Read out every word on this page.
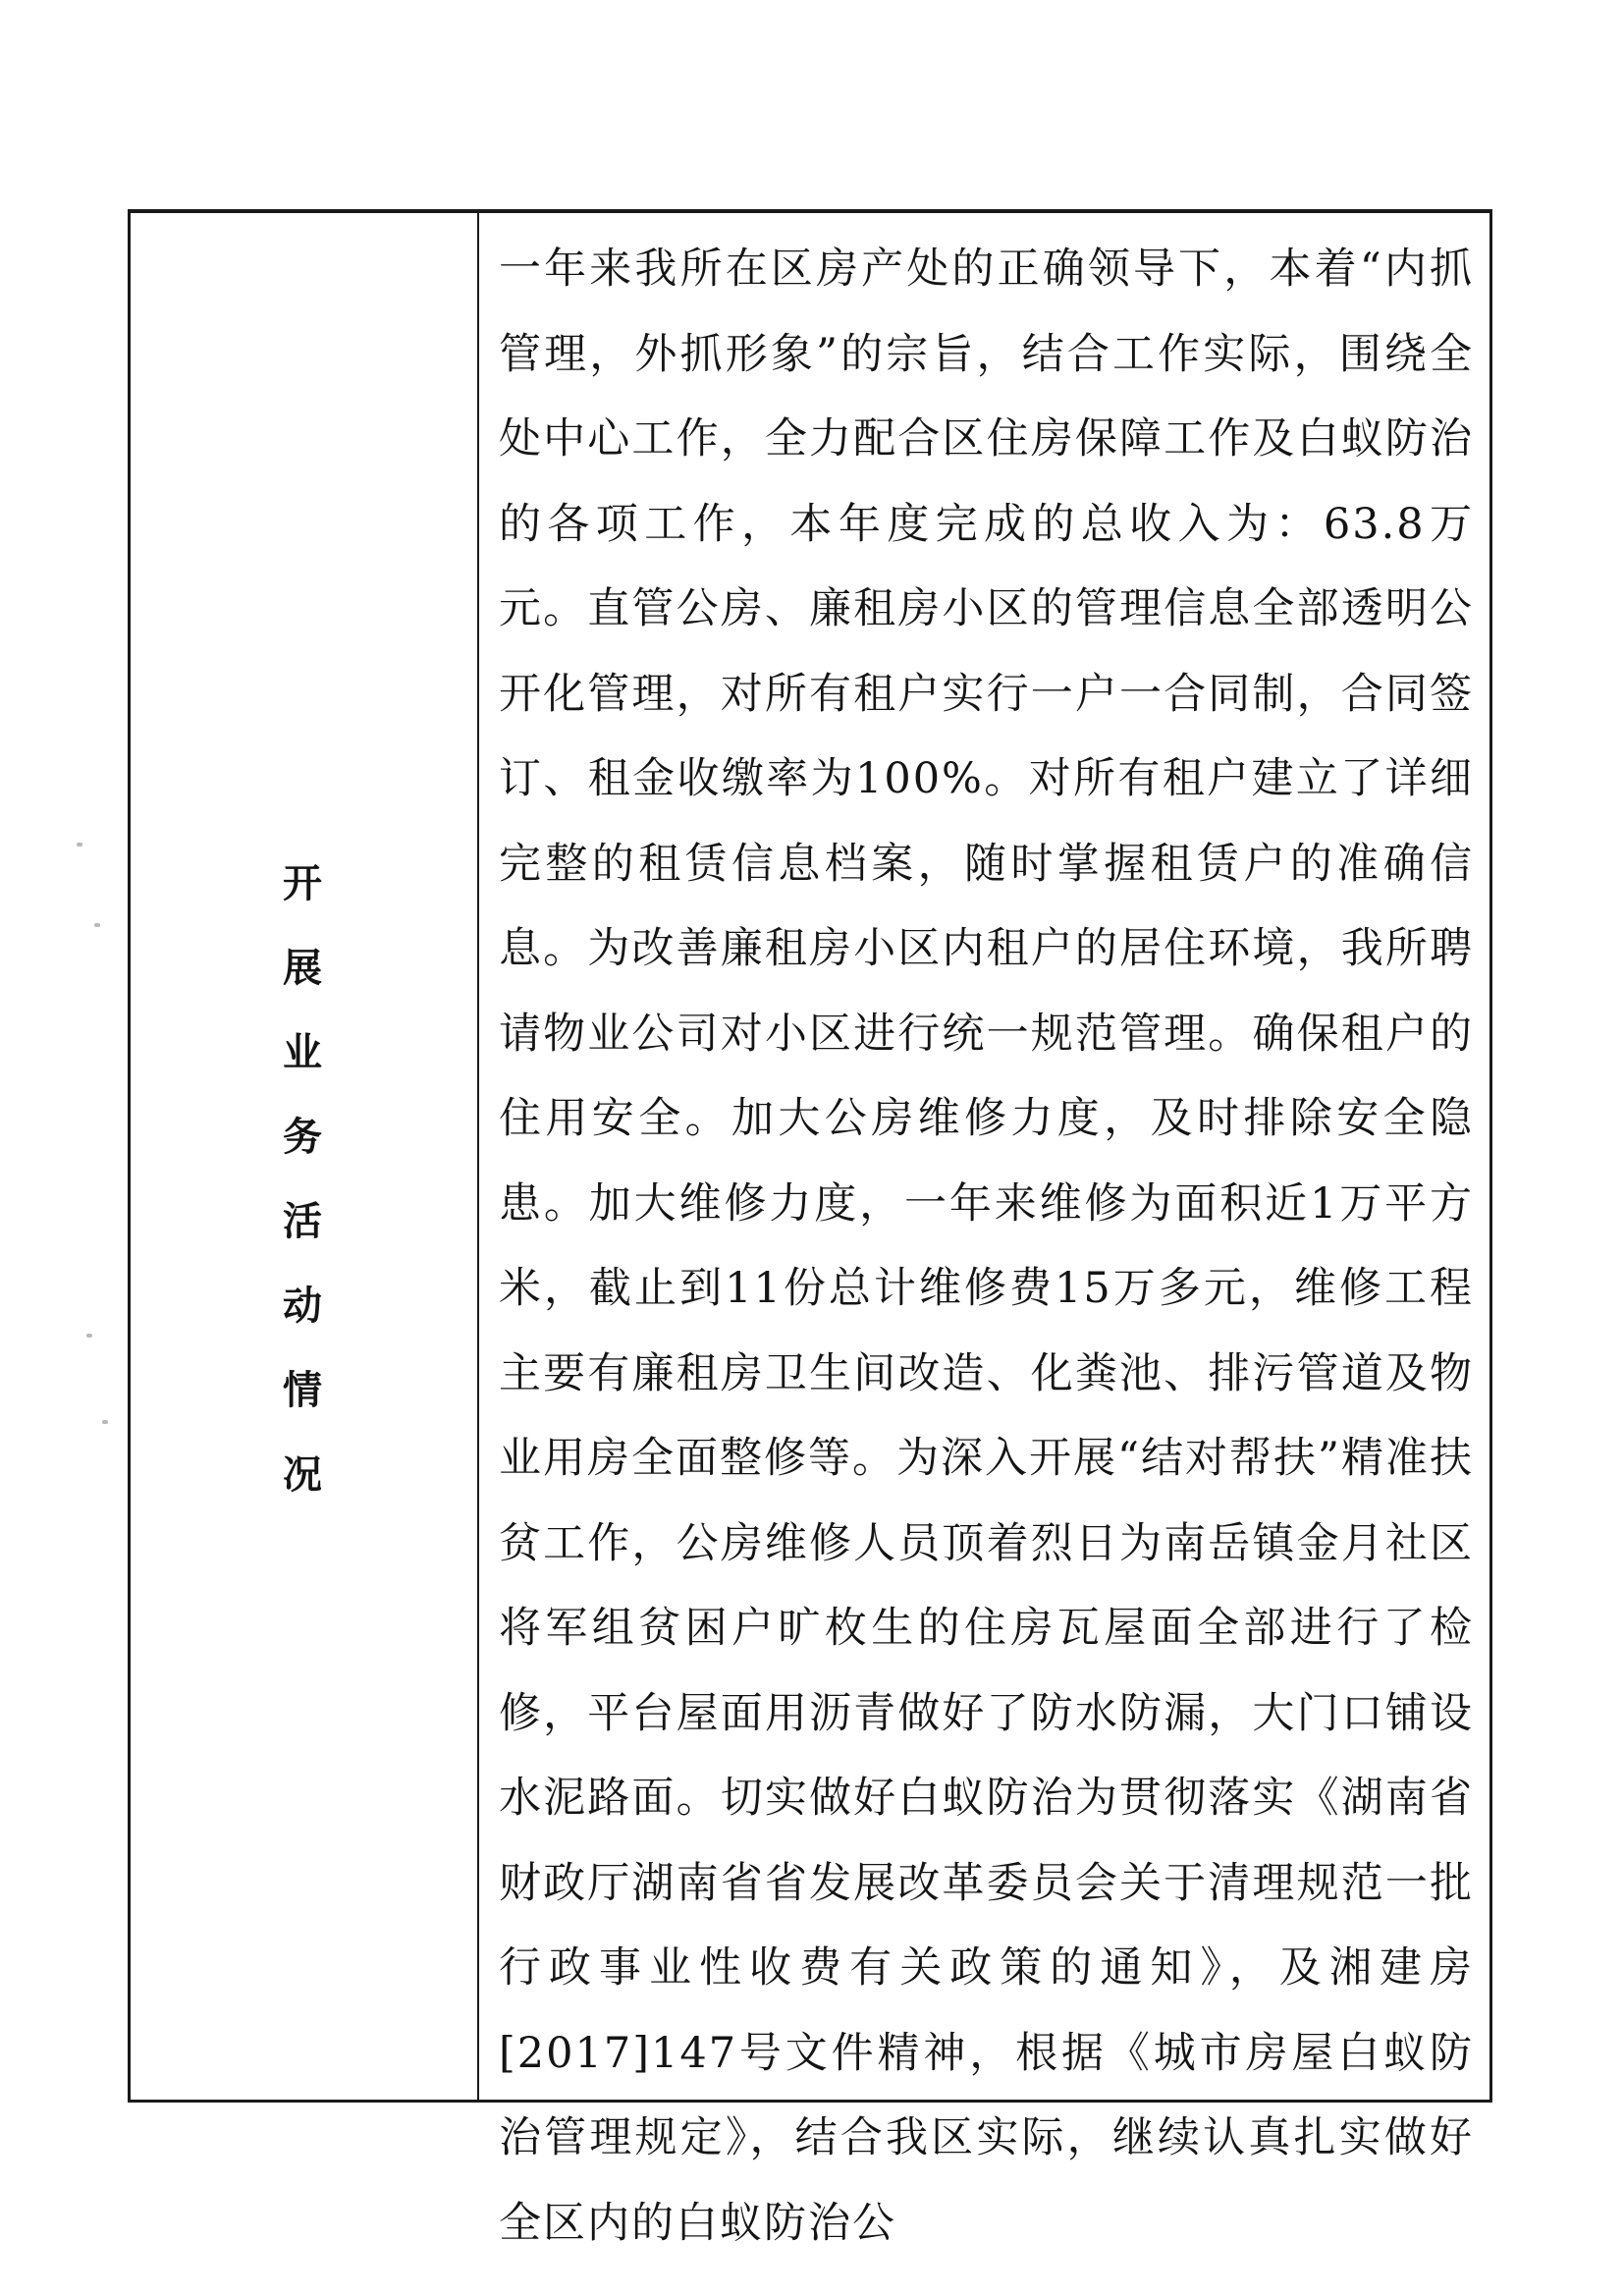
开
展
业
务
活
动
情
况

一年来我所在区房产处的正确领导下，本着“内抓管理，外抓形象”的宗旨，结合工作实际，围绕全处中心工作，全力配合区住房保障工作及白蚁防治的各项工作，本年度完成的总收入为：63.8万元。直管公房、廉租房小区的管理信息全部透明公开化管理，对所有租户实行一户一合同制，合同签订、租金收缴率为100%。对所有租户建立了详细完整的租赁信息档案，随时掌握租赁户的准确信息。为改善廉租房小区内租户的居住环境，我所聘请物业公司对小区进行统一规范管理。确保租户的住用安全。加大公房维修力度，及时排除安全隐患。加大维修力度，一年来维修为面积近1万平方米，截止到11份总计维修费15万多元，维修工程主要有廉租房卫生间改造、化粪池、排污管道及物业用房全面整修等。为深入开展“结对帮扶”精准扶贫工作，公房维修人员顶着烈日为南岳镇金月社区将军组贫困户旷枚生的住房瓦屋面全部进行了检修，平台屋面用沥青做好了防水防漏，大门口铺设水泥路面。切实做好白蚁防治为贯彻落实《湖南省财政厅湖南省省发展改革委员会关于清理规范一批行政事业性收费有关政策的通知》，及湘建房[2017]147号文件精神，根据《城市房屋白蚁防治管理规定》，结合我区实际，继续认真扎实做好全区内的白蚁防治公
